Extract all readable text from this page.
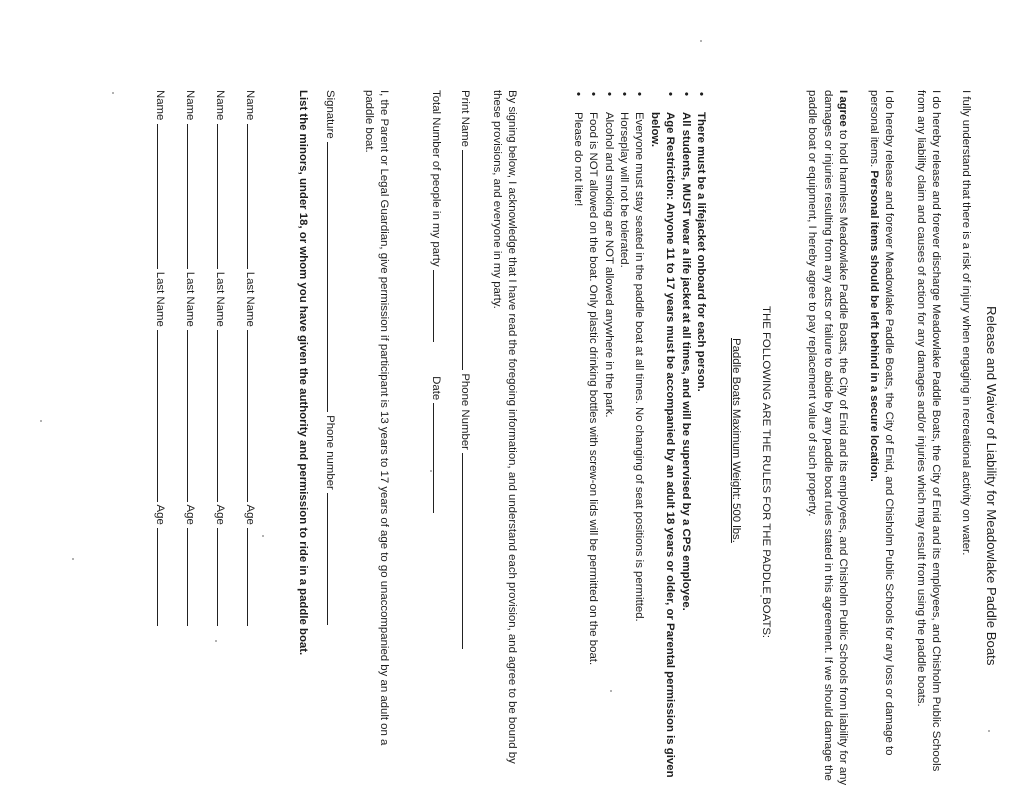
Release and Waiver of Liability for Meadowlake Paddle Boats

I fully understand that there is a risk of injury when engaging in recreational activity on water.

I do hereby release and forever discharge Meadowlake Paddle Boats, the City of Enid and its employees, and Chisholm Public Schools from any liability claim and causes of action for any damages and/or injuries which may result from using the paddle boats.

I do hereby release and forever Meadowlake Paddle Boats, the City of Enid, and Chisholm Public Schools for any loss or damage to personal items. Personal items should be left behind in a secure location.

I agree to hold harmless Meadowlake Paddle Boats, the City of Enid and its employees, and Chisholm Public Schools from liability for any damages or injuries resulting from any acts or failure to abide by any paddle boat rules stated in this agreement. If we should damage the paddle boat or equipment, I hereby agree to pay replacement value of such property.

THE FOLLOWING ARE THE RULES FOR THE PADDLE BOATS:
Paddle Boats Maximum Weight: 500 lbs.
• There must be a lifejacket onboard for each person.
• All students, MUST wear a life jacket at all times, and will be supervised by a CPS employee.
• Age Restriction: Anyone 11 to 17 years must be accompanied by an adult 18 years or older, or Parental permission is given below.
• Everyone must stay seated in the paddle boat at all times. No changing of seat positions is permitted.
• Horseplay will not be tolerated.
• Alcohol and smoking are NOT allowed anywhere in the park.
• Food is NOT allowed on the boat. Only plastic drinking bottles with screw-on lids will be permitted on the boat.
• Please do not liter!

By signing below, I acknowledge that I have read the foregoing information, and understand each provision, and agree to be bound by these provisions, and everyone in my party.

Print Name  Phone Number
Total Number of people in my party   Date

I, the Parent or Legal Guardian, give permission if participant is 13 years to 17 years of age to go unaccompanied by an adult on a paddle boat.

Signature  Phone number

List the minors, under 18, or whom you have given the authority and permission to ride in a paddle boat.

Name  Last Name  Age
Name  Last Name  Age
Name  Last Name  Age
Name  Last Name  Age
